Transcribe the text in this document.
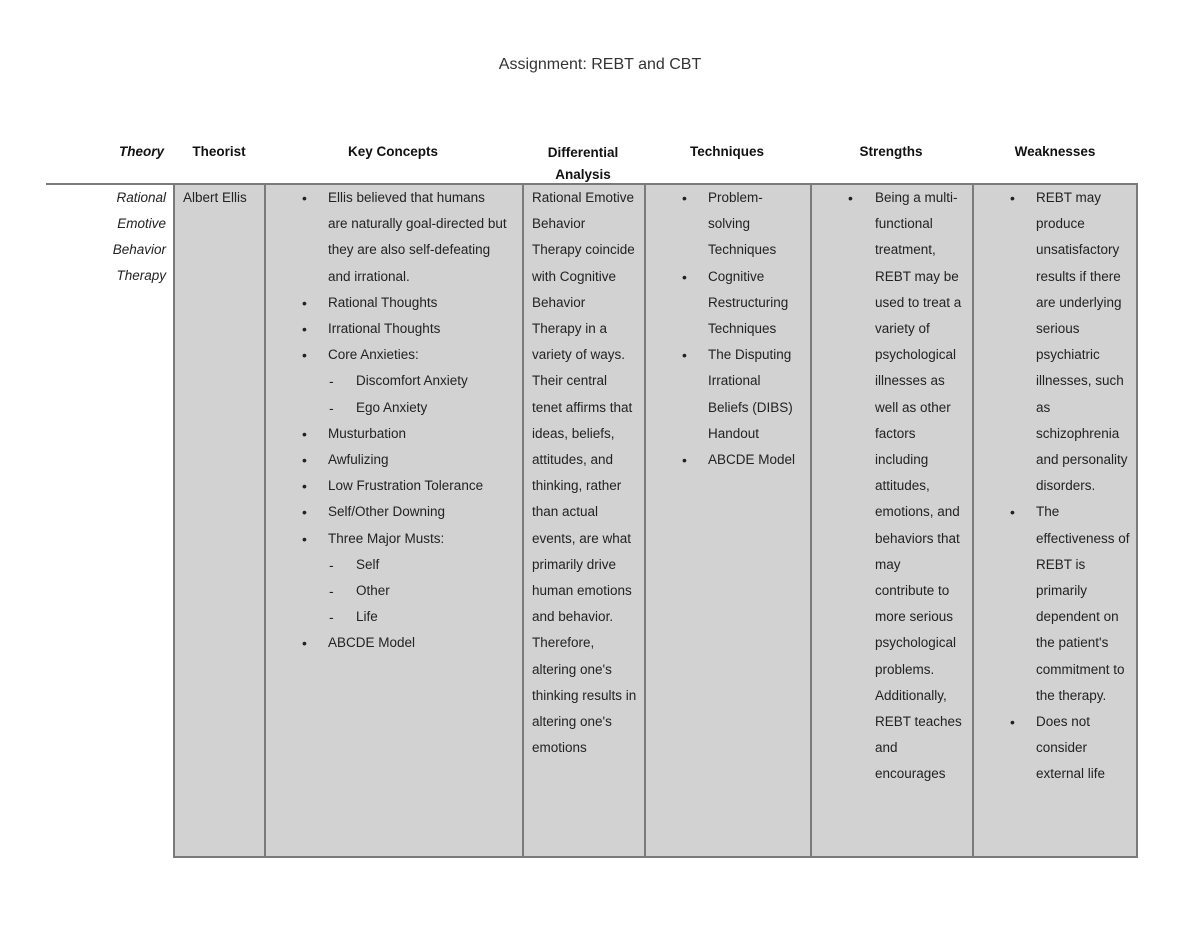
Assignment: REBT and CBT
Theory	Theorist	Key Concepts	Differential
Analysis
Techniques	Strengths	Weaknesses
Rational
Emotive
Behavior
Therapy
Albert Ellis
•	Ellis believed that humans are naturally goal-directed but they are also self-defeating and irrational.
• Rational Thoughts
• Irrational Thoughts
• Core Anxieties:
- Discomfort Anxiety
- Ego Anxiety
• Musturbation
• Awfulizing
• Low Frustration Tolerance
• Self/Other Downing
• Three Major Musts:
- Self
- Other
- Life
• ABCDE Model

Rational Emotive Behavior Therapy coincide with Cognitive Behavior Therapy in a variety of ways. Their central tenet affirms that ideas, beliefs, attitudes, and thinking, rather than actual events, are what primarily drive human emotions and behavior. Therefore, altering one's thinking results in altering one's emotions

• Problem-solving Techniques
• Cognitive Restructuring Techniques
• The Disputing Irrational Beliefs (DIBS) Handout
• ABCDE Model
• Being a multi-functional treatment, REBT may be used to treat a variety of psychological illnesses as well as other factors including attitudes, emotions, and behaviors that may contribute to more serious psychological problems. Additionally, REBT teaches and encourages
• REBT may produce unsatisfactory results if there are underlying serious psychiatric illnesses, such as schizophrenia and personality disorders.
• The effectiveness of REBT is primarily dependent on the patient's commitment to the therapy.
• Does not consider external life
